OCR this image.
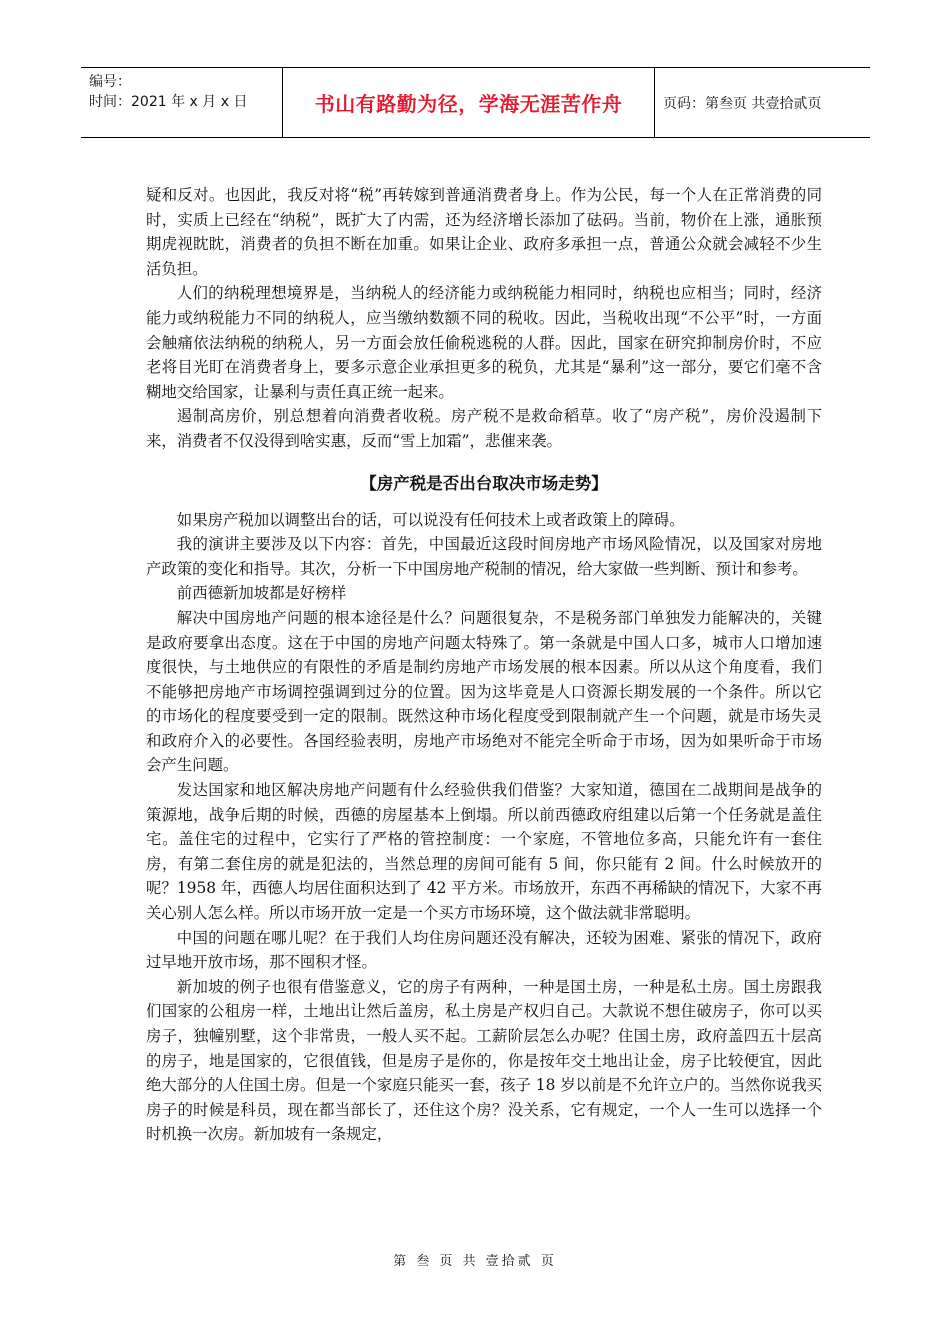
编号：
时间：2021 年 x 月 x 日	书山有路勤为径，学海无涯苦作舟	页码：第叁页 共壹拾贰页

疑和反对。也因此，我反对将“税”再转嫁到普通消费者身上。作为公民，每一个人在正常消费的同时，实质上已经在“纳税”，既扩大了内需，还为经济增长添加了砝码。当前，物价在上涨，通胀预期虎视眈眈，消费者的负担不断在加重。如果让企业、政府多承担一点，普通公众就会减轻不少生活负担。

人们的纳税理想境界是，当纳税人的经济能力或纳税能力相同时，纳税也应相当；同时，经济能力或纳税能力不同的纳税人，应当缴纳数额不同的税收。因此，当税收出现“不公平”时，一方面会触痛依法纳税的纳税人，另一方面会放任偷税逃税的人群。因此，国家在研究抑制房价时，不应老将目光盯在消费者身上，要多示意企业承担更多的税负，尤其是“暴利”这一部分，要它们毫不含糊地交给国家，让暴利与责任真正统一起来。

遏制高房价，别总想着向消费者收税。房产税不是救命稻草。收了“房产税”，房价没遏制下来，消费者不仅没得到啥实惠，反而“雪上加霜”，悲催来袭。

【房产税是否出台取决市场走势】

如果房产税加以调整出台的话，可以说没有任何技术上或者政策上的障碍。

我的演讲主要涉及以下内容：首先，中国最近这段时间房地产市场风险情况，以及国家对房地产政策的变化和指导。其次，分析一下中国房地产税制的情况，给大家做一些判断、预计和参考。

前西德新加坡都是好榜样

解决中国房地产问题的根本途径是什么？问题很复杂，不是税务部门单独发力能解决的，关键是政府要拿出态度。这在于中国的房地产问题太特殊了。第一条就是中国人口多，城市人口增加速度很快，与土地供应的有限性的矛盾是制约房地产市场发展的根本因素。所以从这个角度看，我们不能够把房地产市场调控强调到过分的位置。因为这毕竟是人口资源长期发展的一个条件。所以它的市场化的程度要受到一定的限制。既然这种市场化程度受到限制就产生一个问题，就是市场失灵和政府介入的必要性。各国经验表明，房地产市场绝对不能完全听命于市场，因为如果听命于市场会产生问题。

发达国家和地区解决房地产问题有什么经验供我们借鉴？大家知道，德国在二战期间是战争的策源地，战争后期的时候，西德的房屋基本上倒塌。所以前西德政府组建以后第一个任务就是盖住宅。盖住宅的过程中，它实行了严格的管控制度：一个家庭，不管地位多高，只能允许有一套住房，有第二套住房的就是犯法的，当然总理的房间可能有 5 间，你只能有 2 间。什么时候放开的呢？1958 年，西德人均居住面积达到了 42 平方米。市场放开，东西不再稀缺的情况下，大家不再关心别人怎么样。所以市场开放一定是一个买方市场环境，这个做法就非常聪明。

中国的问题在哪儿呢？在于我们人均住房问题还没有解决，还较为困难、紧张的情况下，政府过早地开放市场，那不囤积才怪。

新加坡的例子也很有借鉴意义，它的房子有两种，一种是国土房，一种是私土房。国土房跟我们国家的公租房一样，土地出让然后盖房，私土房是产权归自己。大款说不想住破房子，你可以买房子，独幢别墅，这个非常贵，一般人买不起。工薪阶层怎么办呢？住国土房，政府盖四五十层高的房子，地是国家的，它很值钱，但是房子是你的，你是按年交土地出让金，房子比较便宜，因此绝大部分的人住国土房。但是一个家庭只能买一套，孩子 18 岁以前是不允许立户的。当然你说我买房子的时候是科员，现在都当部长了，还住这个房？没关系，它有规定，一个人一生可以选择一个时机换一次房。新加坡有一条规定，

第 叁 页 共 壹拾贰 页
